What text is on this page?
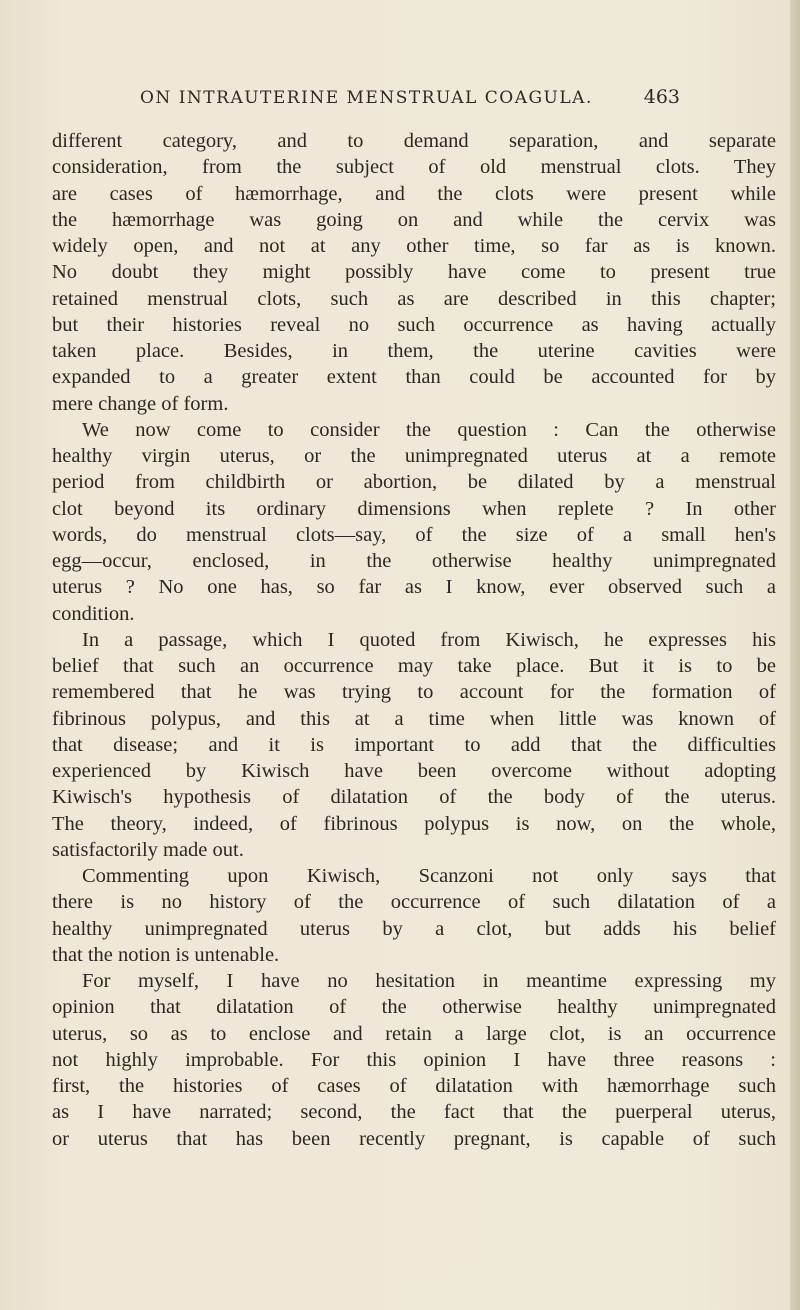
ON INTRAUTERINE MENSTRUAL COAGULA.	463
different category, and to demand separation, and separate
consideration, from the subject of old menstrual clots. They
are cases of hæmorrhage, and the clots were present while
the hæmorrhage was going on and while the cervix was
widely open, and not at any other time, so far as is known.
No doubt they might possibly have come to present true
retained menstrual clots, such as are described in this chapter;
but their histories reveal no such occurrence as having actually
taken place. Besides, in them, the uterine cavities were
expanded to a greater extent than could be accounted for by
mere change of form.
We now come to consider the question : Can the otherwise
healthy virgin uterus, or the unimpregnated uterus at a remote
period from childbirth or abortion, be dilated by a menstrual
clot beyond its ordinary dimensions when replete ? In other
words, do menstrual clots—say, of the size of a small hen's
egg—occur, enclosed, in the otherwise healthy unimpregnated
uterus ? No one has, so far as I know, ever observed such a
condition.
In a passage, which I quoted from Kiwisch, he expresses his
belief that such an occurrence may take place. But it is to be
remembered that he was trying to account for the formation of
fibrinous polypus, and this at a time when little was known of
that disease; and it is important to add that the difficulties
experienced by Kiwisch have been overcome without adopting
Kiwisch's hypothesis of dilatation of the body of the uterus.
The theory, indeed, of fibrinous polypus is now, on the whole,
satisfactorily made out.
Commenting upon Kiwisch, Scanzoni not only says that
there is no history of the occurrence of such dilatation of a
healthy unimpregnated uterus by a clot, but adds his belief
that the notion is untenable.
For myself, I have no hesitation in meantime expressing my
opinion that dilatation of the otherwise healthy unimpregnated
uterus, so as to enclose and retain a large clot, is an occurrence
not highly improbable. For this opinion I have three reasons :
first, the histories of cases of dilatation with hæmorrhage such
as I have narrated; second, the fact that the puerperal uterus,
or uterus that has been recently pregnant, is capable of such
